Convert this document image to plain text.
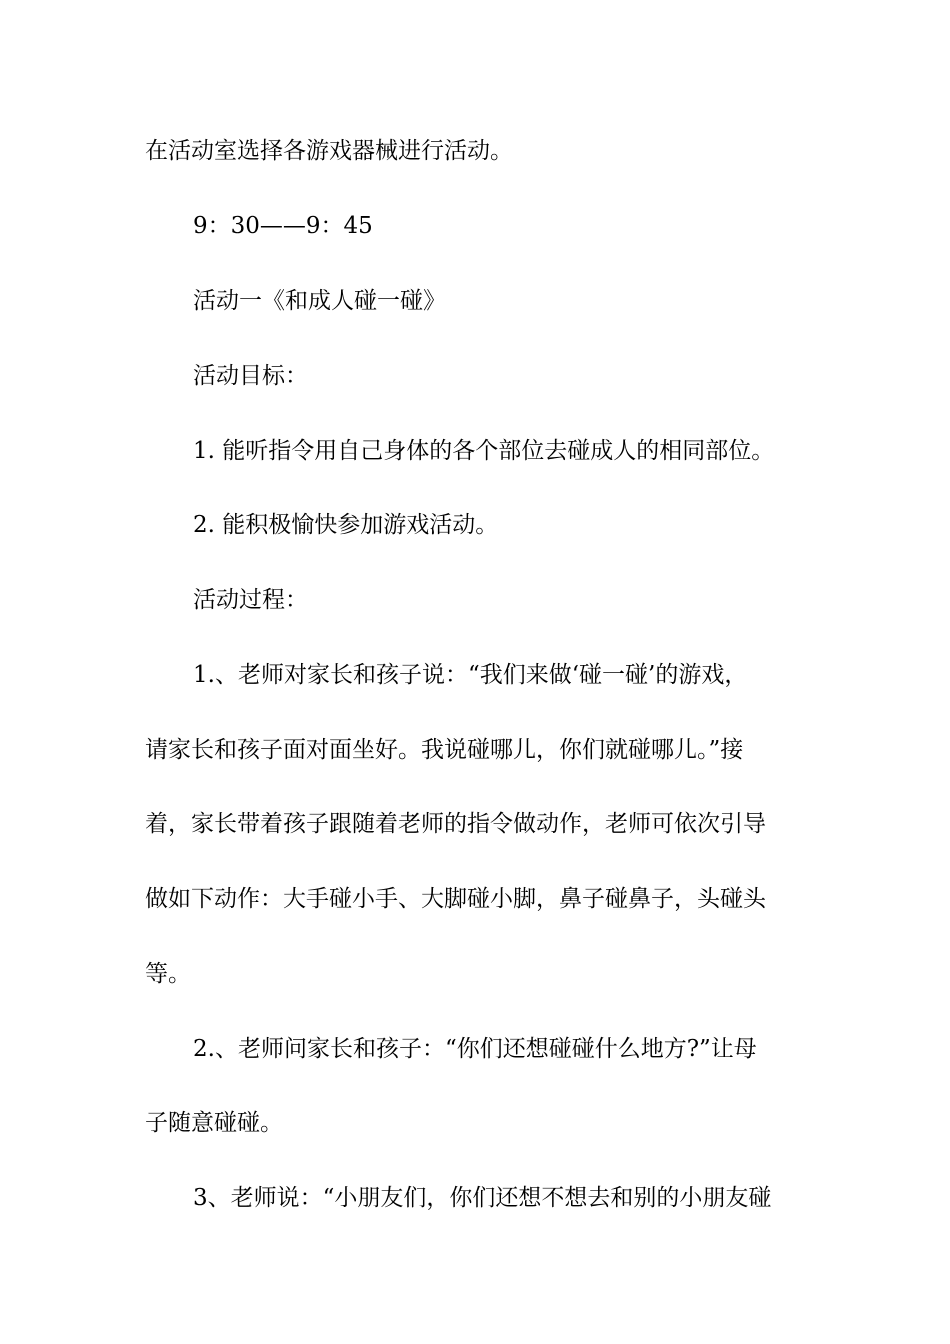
在活动室选择各游戏器械进行活动。

9：30——9：45

活动一《和成人碰一碰》

活动目标：

1. 能听指令用自己身体的各个部位去碰成人的相同部位。

2. 能积极愉快参加游戏活动。

活动过程：

1.、老师对家长和孩子说：“我们来做‘碰一碰’的游戏，

请家长和孩子面对面坐好。我说碰哪儿，你们就碰哪儿。”接

着，家长带着孩子跟随着老师的指令做动作，老师可依次引导

做如下动作：大手碰小手、大脚碰小脚，鼻子碰鼻子，头碰头

等。

2.、老师问家长和孩子：“你们还想碰碰什么地方?”让母

子随意碰碰。

3、老师说：“小朋友们，你们还想不想去和别的小朋友碰
